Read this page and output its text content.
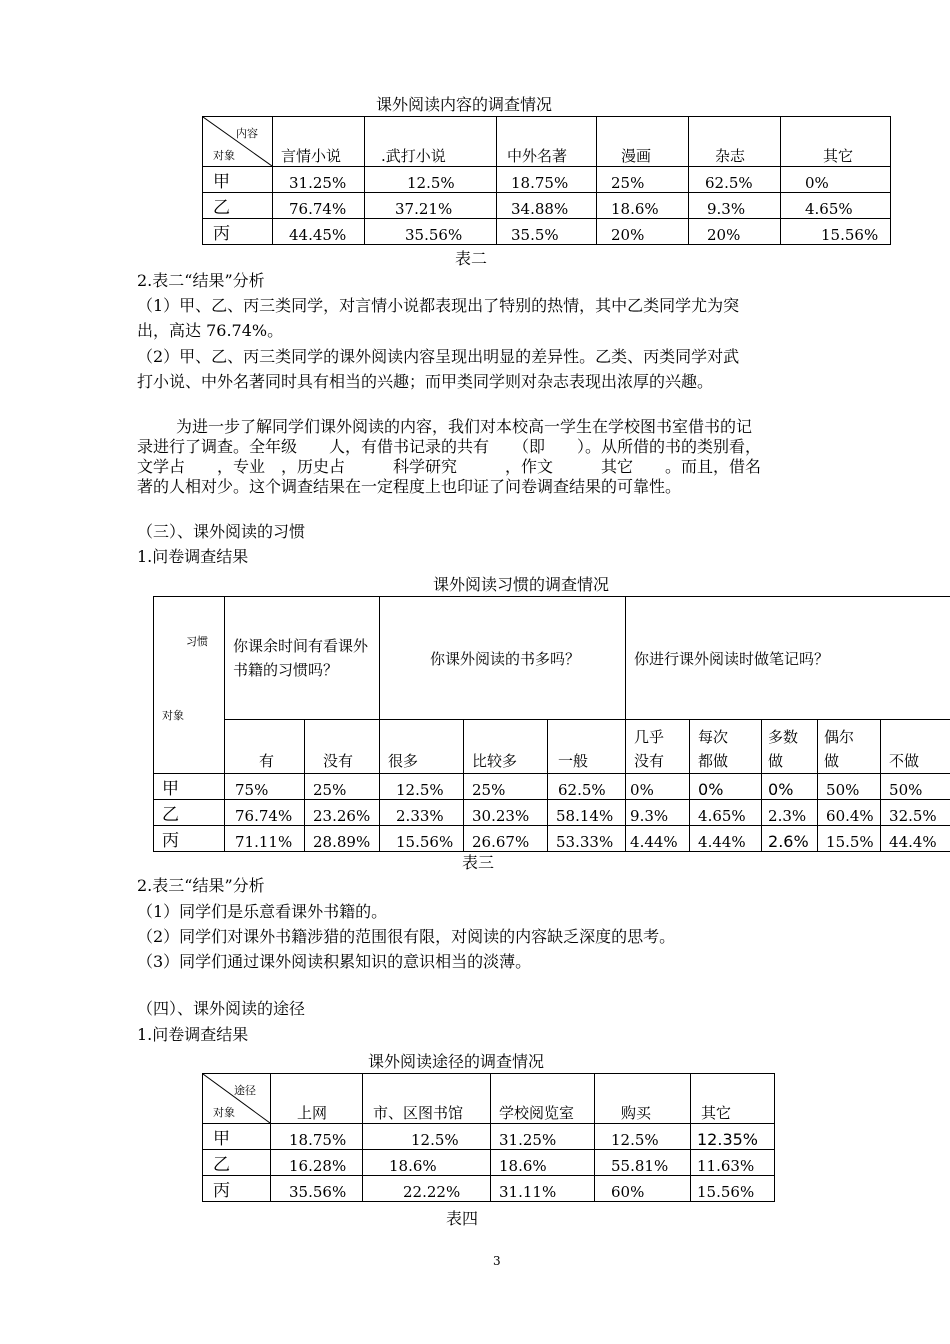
课外阅读内容的调查情况
内容
对象	言情小说	.武打小说	中外名著	漫画	杂志	其它
甲	31.25%	12.5%	18.75%	25%	62.5%	0%
乙	76.74%	37.21%	34.88%	18.6%	9.3%	4.65%
丙	44.45%	35.56%	35.5%	20%	20%	15.56%
表二
2.表二“结果”分析
（1）甲、乙、丙三类同学，对言情小说都表现出了特别的热情，其中乙类同学尤为突
出，高达 76.74%。
（2）甲、乙、丙三类同学的课外阅读内容呈现出明显的差异性。乙类、丙类同学对武
打小说、中外名著同时具有相当的兴趣；而甲类同学则对杂志表现出浓厚的兴趣。
为进一步了解同学们课外阅读的内容，我们对本校高一学生在学校图书室借书的记
录进行了调查。全年级　　人，有借书记录的共有　　（即　　）。从所借的书的类别看，
文学占　　，专业　，历史占　　　科学研究　　　，作文　　　其它　　。而且，借名
著的人相对少。这个调查结果在一定程度上也印证了问卷调查结果的可靠性。
（三）、课外阅读的习惯
1.问卷调查结果
课外阅读习惯的调查情况
习惯
对象	你课余时间有看课外书籍的习惯吗？		你课外阅读的书多吗？			你进行课外阅读时做笔记吗？				
	有	没有	很多	比较多	一般	几乎没有	每次都做	多数做	偶尔做	不做
甲	75%	25%	12.5%	25%	62.5%	0%	0%	0%	50%	50%
乙	76.74%	23.26%	2.33%	30.23%	58.14%	9.3%	4.65%	2.3%	60.4%	32.5%
丙	71.11%	28.89%	15.56%	26.67%	53.33%	4.44%	4.44%	2.6%	15.5%	44.4%
表三
2.表三“结果”分析
（1）同学们是乐意看课外书籍的。
（2）同学们对课外书籍涉猎的范围很有限，对阅读的内容缺乏深度的思考。
（3）同学们通过课外阅读积累知识的意识相当的淡薄。
（四）、课外阅读的途径
1.问卷调查结果
课外阅读途径的调查情况
途径
对象	上网	市、区图书馆	学校阅览室	购买	其它
甲	18.75%	12.5%	31.25%	12.5%	12.35%
乙	16.28%	18.6%	18.6%	55.81%	11.63%
丙	35.56%	22.22%	31.11%	60%	15.56%
表四
3
